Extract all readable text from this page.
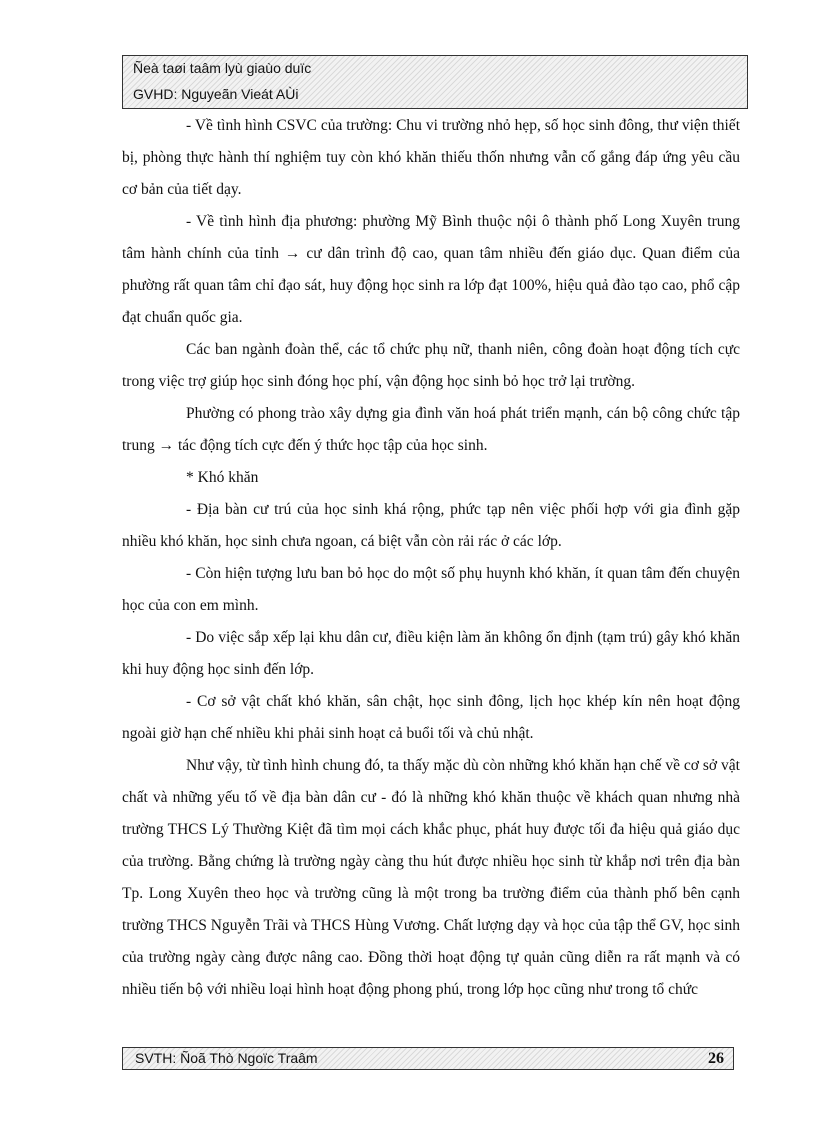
Ñeà taøi taâm lyù giaùo duïc
GVHD: Nguyeãn Vieát AÙi

- Về tình hình CSVC của trường: Chu vi trường nhỏ hẹp, số học sinh đông, thư viện thiết bị, phòng thực hành thí nghiệm tuy còn khó khăn thiếu thốn nhưng vẫn cố gắng đáp ứng yêu cầu cơ bản của tiết dạy.

- Về tình hình địa phương: phường Mỹ Bình thuộc nội ô thành phố Long Xuyên trung tâm hành chính của tỉnh → cư dân trình độ cao, quan tâm nhiều đến giáo dục. Quan điểm của phường rất quan tâm chỉ đạo sát, huy động học sinh ra lớp đạt 100%, hiệu quả đào tạo cao, phổ cập đạt chuẩn quốc gia.

Các ban ngành đoàn thể, các tổ chức phụ nữ, thanh niên, công đoàn hoạt động tích cực trong việc trợ giúp học sinh đóng học phí, vận động học sinh bỏ học trở lại trường.

Phường có phong trào xây dựng gia đình văn hoá phát triển mạnh, cán bộ công chức tập trung → tác động tích cực đến ý thức học tập của học sinh.

* Khó khăn

- Địa bàn cư trú của học sinh khá rộng, phức tạp nên việc phối hợp với gia đình gặp nhiều khó khăn, học sinh chưa ngoan, cá biệt vẫn còn rải rác ở các lớp.

- Còn hiện tượng lưu ban bỏ học do một số phụ huynh khó khăn, ít quan tâm đến chuyện học của con em mình.

- Do việc sắp xếp lại khu dân cư, điều kiện làm ăn không ổn định (tạm trú) gây khó khăn khi huy động học sinh đến lớp.

- Cơ sở vật chất khó khăn, sân chật, học sinh đông, lịch học khép kín nên hoạt động ngoài giờ hạn chế nhiều khi phải sinh hoạt cả buổi tối và chủ nhật.

Như vậy, từ tình hình chung đó, ta thấy mặc dù còn những khó khăn hạn chế về cơ sở vật chất và những yếu tố về địa bàn dân cư - đó là những khó khăn thuộc về khách quan nhưng nhà trường THCS Lý Thường Kiệt đã tìm mọi cách khắc phục, phát huy được tối đa hiệu quả giáo dục của trường. Bằng chứng là trường ngày càng thu hút được nhiều học sinh từ khắp nơi trên địa bàn Tp. Long Xuyên theo học và trường cũng là một trong ba trường điểm của thành phố bên cạnh trường THCS Nguyễn Trãi và THCS Hùng Vương. Chất lượng dạy và học của tập thể GV, học sinh của trường ngày càng được nâng cao. Đồng thời hoạt động tự quản cũng diễn ra rất mạnh và có nhiều tiến bộ với nhiều loại hình hoạt động phong phú, trong lớp học cũng như trong tổ chức

SVTH: Ñoã Thò Ngoïc Traâm	26
